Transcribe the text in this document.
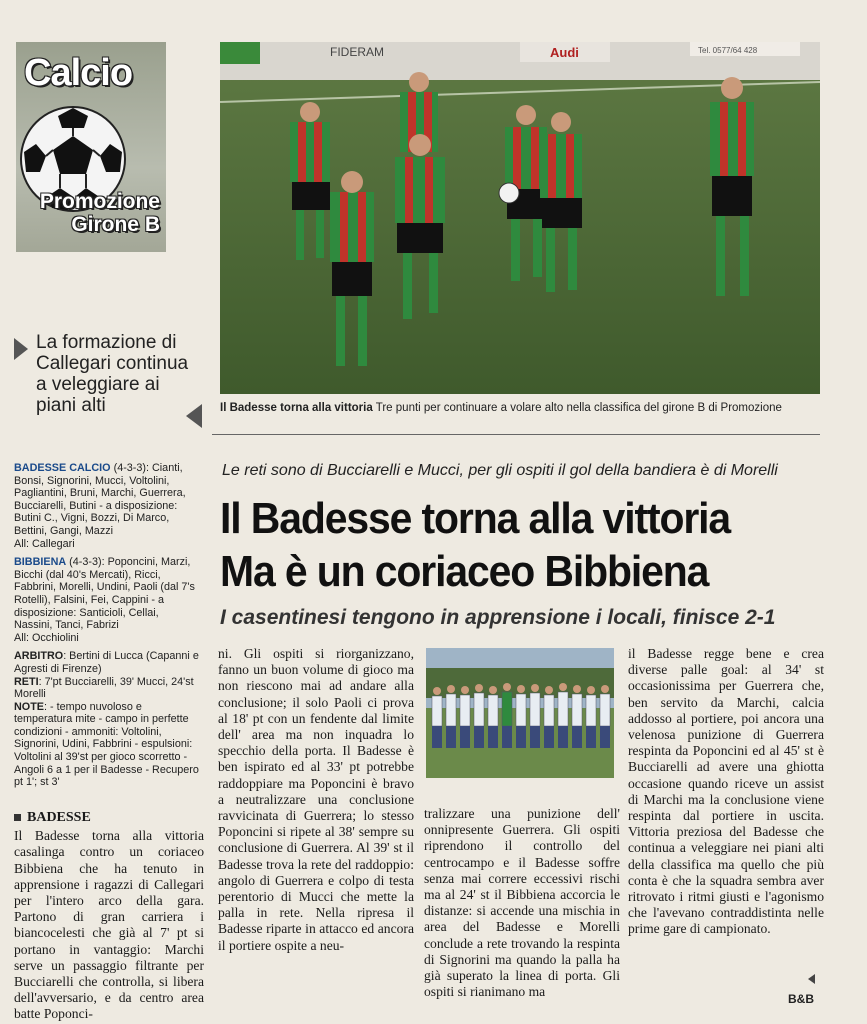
Calcio
Promozione
Girone B

La formazione di Callegari continua a veleggiare ai piani alti

FIDERAM	Audi	Tel. 0577/64 428
Il Badesse torna alla vittoria Tre punti per continuare a volare alto nella classifica del girone B di Promozione
BADESSE CALCIO (4-3-3): Cianti, Bonsi, Signorini, Mucci, Voltolini, Pagliantini, Bruni, Marchi, Guerrera, Bucciarelli, Butini - a disposizione: Butini C., Vigni, Bozzi, Di Marco, Bettini, Gangi, Mazzi
All: Callegari
BIBBIENA (4-3-3): Poponcini, Marzi, Bicchi (dal 40's Mercati), Ricci, Fabbrini, Morelli, Undini, Paoli (dal 7's Rotelli), Falsini, Fei, Cappini - a disposizione: Santicioli, Cellai, Nassini, Tanci, Fabrizi
All: Occhiolini
ARBITRO: Bertini di Lucca (Capanni e Agresti di Firenze)
RETI: 7'pt Bucciarelli, 39' Mucci, 24'st Morelli
NOTE: - tempo nuvoloso e temperatura mite - campo in perfette condizioni - ammoniti: Voltolini, Signorini, Udini, Fabbrini - espulsioni: Voltolini al 39'st per gioco scorretto - Angoli 6 a 1 per il Badesse - Recupero pt 1'; st 3'
Le reti sono di Bucciarelli e Mucci, per gli ospiti il gol della bandiera è di Morelli
Il Badesse torna alla vittoria
Ma è un coriaceo Bibbiena
I casentinesi tengono in apprensione i locali, finisce 2-1
BADESSE
Il Badesse torna alla vittoria casalinga contro un coriaceo Bibbiena che ha tenuto in apprensione i ragazzi di Callegari per l'intero arco della gara. Partono di gran carriera i biancocelesti che già al 7' pt si portano in vantaggio: Marchi serve un passaggio filtrante per Bucciarelli che controlla, si libera dell'avversario, e da centro area batte Poponci-
ni. Gli ospiti si riorganizzano, fanno un buon volume di gioco ma non riescono mai ad andare alla conclusione; il solo Paoli ci prova al 18' pt con un fendente dal limite dell' area ma non inquadra lo specchio della porta. Il Badesse è ben ispirato ed al 33' pt potrebbe raddoppiare ma Poponcini è bravo a neutralizzare una conclusione ravvicinata di Guerrera; lo stesso Poponcini si ripete al 38' sempre su conclusione di Guerrera. Al 39' st il Badesse trova la rete del raddoppio: angolo di Guerrera e colpo di testa perentorio di Mucci che mette la palla in rete. Nella ripresa il Badesse riparte in attacco ed ancora il portiere ospite a neu-
tralizzare una punizione dell' onnipresente Guerrera. Gli ospiti riprendono il controllo del centrocampo e il Badesse soffre senza mai correre eccessivi rischi ma al 24' st il Bibbiena accorcia le distanze: si accende una mischia in area del Badesse e Morelli conclude a rete trovando la respinta di Signorini ma quando la palla ha già superato la linea di porta. Gli ospiti si rianimano ma
il Badesse regge bene e crea diverse palle goal: al 34' st occasionissima per Guerrera che, ben servito da Marchi, calcia addosso al portiere, poi ancora una velenosa punizione di Guerrera respinta da Poponcini ed al 45' st è Bucciarelli ad avere una ghiotta occasione quando riceve un assist di Marchi ma la conclusione viene respinta dal portiere in uscita. Vittoria preziosa del Badesse che continua a veleggiare nei piani alti della classifica ma quello che più conta è che la squadra sembra aver ritrovato i ritmi giusti e l'agonismo che l'avevano contraddistinta nelle prime gare di campionato.
B&B
